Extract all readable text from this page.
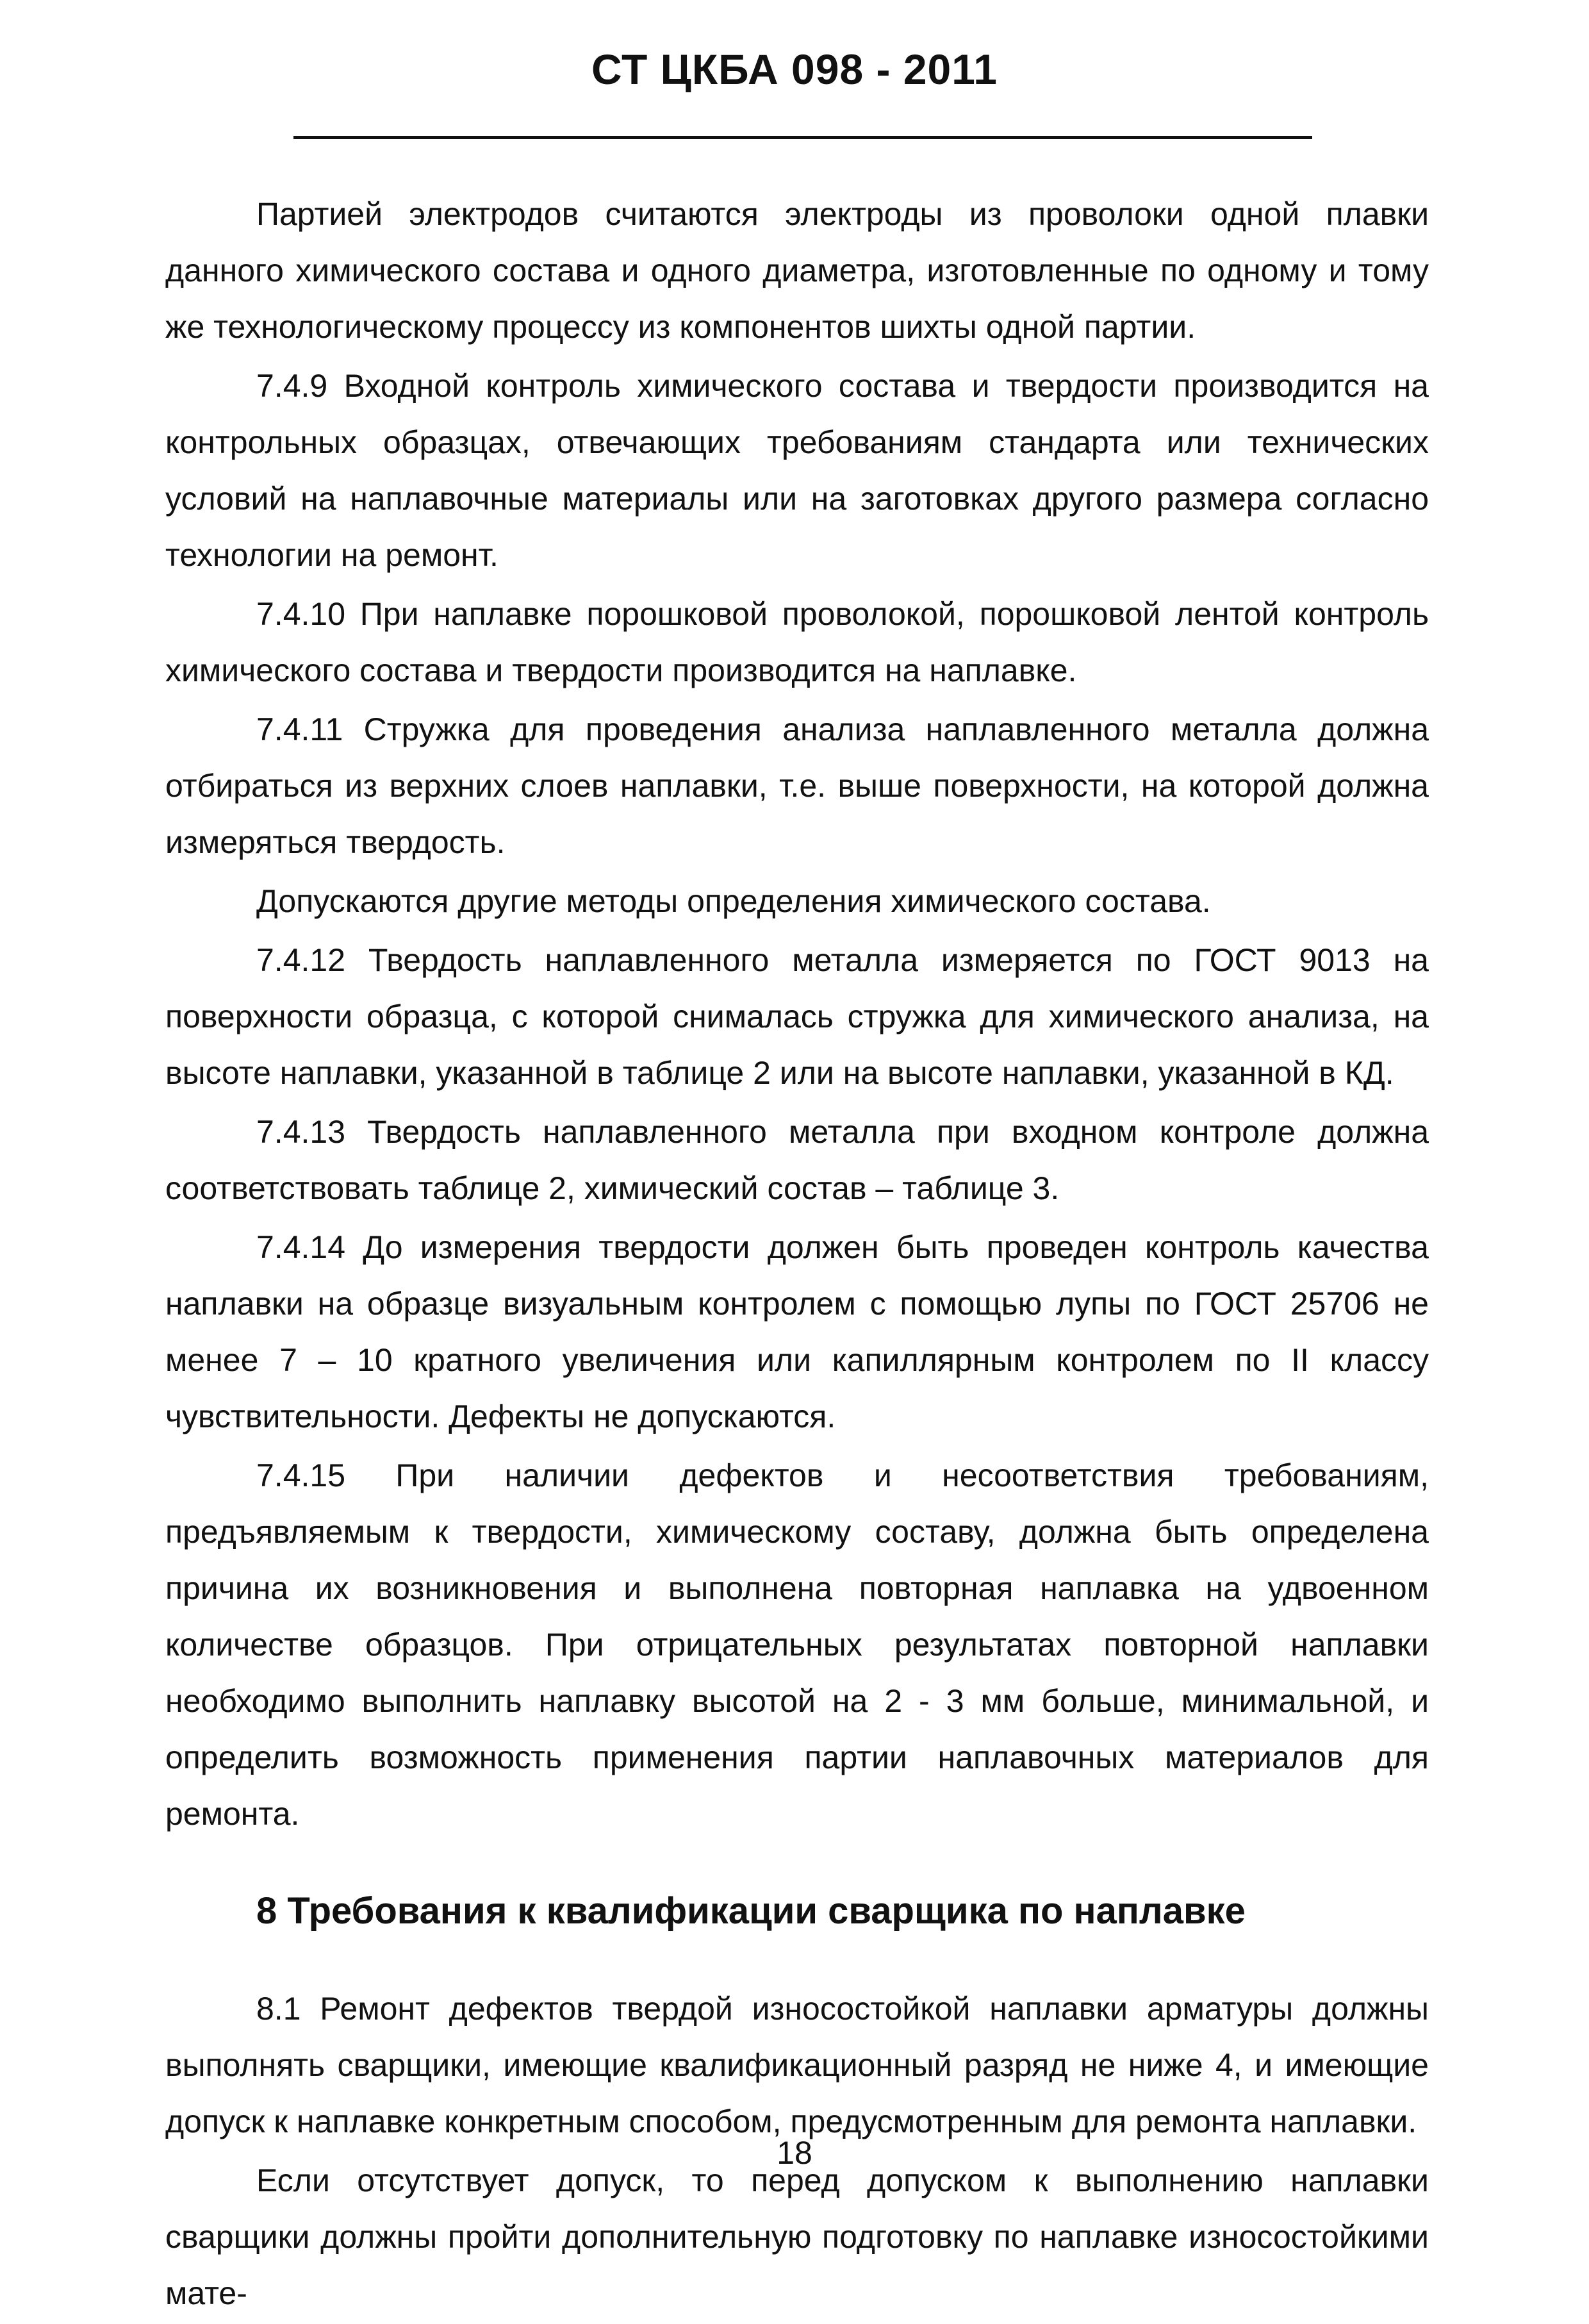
СТ ЦКБА 098 - 2011

Партией электродов считаются электроды из проволоки одной плавки данного химического состава и одного диаметра, изготовленные по одному и тому же технологическому процессу из компонентов шихты одной партии.

7.4.9 Входной контроль химического состава и твердости производится на контрольных образцах, отвечающих требованиям стандарта или технических условий на наплавочные материалы или на заготовках другого размера согласно технологии на ремонт.

7.4.10 При наплавке порошковой проволокой, порошковой лентой контроль химического состава и твердости производится на наплавке.

7.4.11 Стружка для проведения анализа наплавленного металла должна отбираться из верхних слоев наплавки, т.е. выше поверхности, на которой должна измеряться твердость.

Допускаются другие методы определения химического состава.

7.4.12 Твердость наплавленного металла измеряется по ГОСТ 9013 на поверхности образца, с которой снималась стружка для химического анализа, на высоте наплавки, указанной в таблице 2 или на высоте наплавки, указанной в КД.

7.4.13 Твердость наплавленного металла при входном контроле должна соответствовать таблице 2, химический состав – таблице 3.

7.4.14 До измерения твердости должен быть проведен контроль качества наплавки на образце визуальным контролем с помощью лупы по ГОСТ 25706 не менее 7 – 10 кратного увеличения или капиллярным контролем по II классу чувствительности. Дефекты не допускаются.

7.4.15 При наличии дефектов и несоответствия требованиям, предъявляемым к твердости, химическому составу, должна быть определена причина их возникновения и выполнена повторная наплавка на удвоенном количестве образцов. При отрицательных результатах повторной наплавки необходимо выполнить наплавку высотой на 2 - 3 мм больше, минимальной, и определить возможность применения партии наплавочных материалов для ремонта.

8 Требования к квалификации сварщика по наплавке

8.1 Ремонт дефектов твердой износостойкой наплавки арматуры должны выполнять сварщики, имеющие квалификационный разряд не ниже 4, и имеющие допуск к наплавке конкретным способом, предусмотренным для ремонта наплавки.

Если отсутствует допуск, то перед допуском к выполнению наплавки сварщики должны пройти дополнительную подготовку по наплавке износостойкими мате-

18
